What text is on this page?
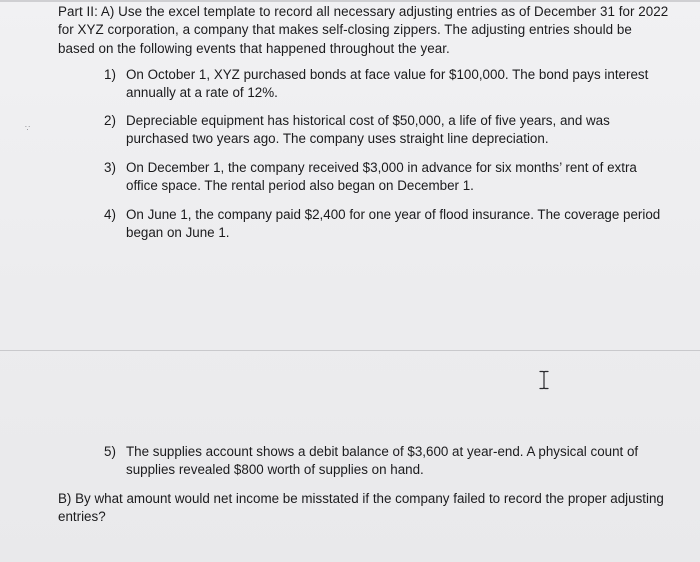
Part II: A) Use the excel template to record all necessary adjusting entries as of December 31 for 2022 for XYZ corporation, a company that makes self-closing zippers. The adjusting entries should be based on the following events that happened throughout the year.
∵
1) On October 1, XYZ purchased bonds at face value for $100,000. The bond pays interest annually at a rate of 12%.
2) Depreciable equipment has historical cost of $50,000, a life of five years, and was purchased two years ago. The company uses straight line depreciation.
3) On December 1, the company received $3,000 in advance for six months’ rent of extra office space. The rental period also began on December 1.
4) On June 1, the company paid $2,400 for one year of flood insurance. The coverage period began on June 1.
5) The supplies account shows a debit balance of $3,600 at year-end. A physical count of supplies revealed $800 worth of supplies on hand.
B) By what amount would net income be misstated if the company failed to record the proper adjusting entries?
